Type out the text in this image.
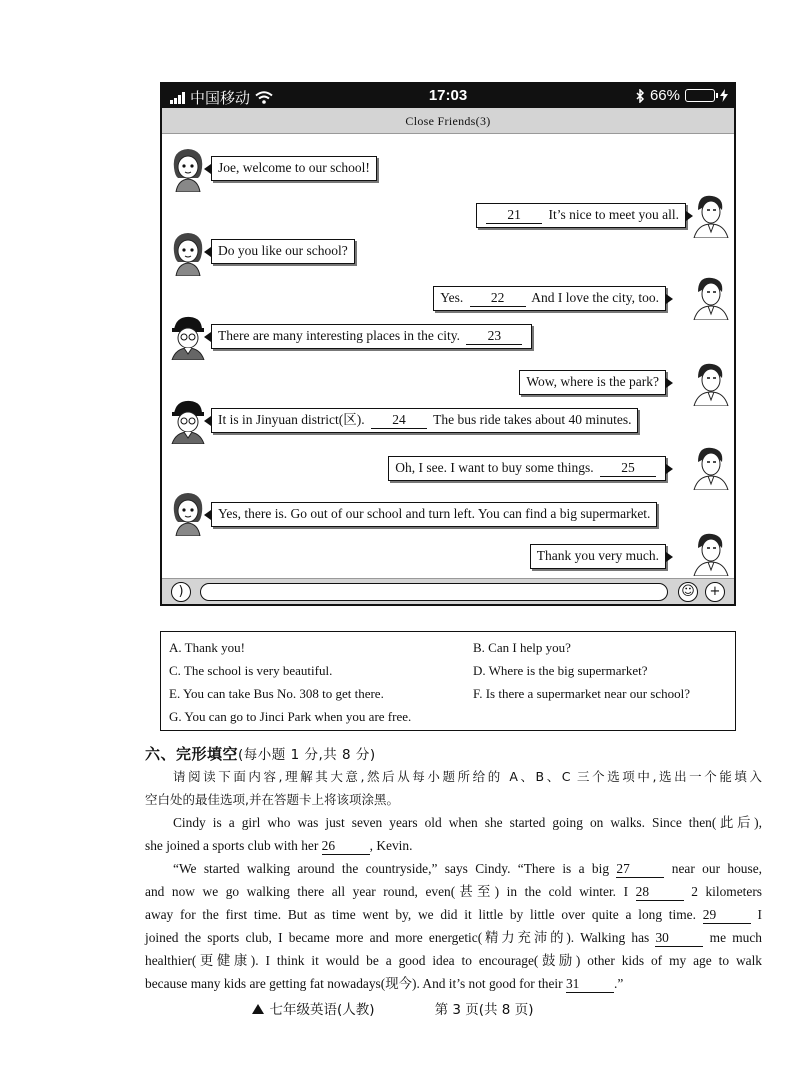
中国移动	17:03	66%
Close Friends(3)
Joe, welcome to our school!
21 It’s nice to meet you all.
Do you like our school?
Yes. 22 And I love the city, too.
There are many interesting places in the city. 23
Wow, where is the park?
It is in Jinyuan district(区). 24 The bus ride takes about 40 minutes.
Oh, I see. I want to buy some things. 25
Yes, there is. Go out of our school and turn left. You can find a big supermarket.
Thank you very much.
)	☺	+
A. Thank you!	B. Can I help you?
C. The school is very beautiful.	D. Where is the big supermarket?
E. You can take Bus No. 308 to get there.	F. Is there a supermarket near our school?
G. You can go to Jinci Park when you are free.
六、完形填空(每小题 1 分,共 8 分)
请阅读下面内容,理解其大意,然后从每小题所给的 A、B、C 三个选项中,选出一个能填入
空白处的最佳选项,并在答题卡上将该项涂黑。
Cindy is a girl who was just seven years old when she started going on walks. Since then(此后),
she joined a sports club with her 26	, Kevin.
“We started walking around the countryside,” says Cindy. “There is a big 27	near our house,
and now we go walking there all year round, even(甚至) in the cold winter. I 28	2 kilometers
away for the first time. But as time went by, we did it little by little over quite a long time. 29	I
joined the sports club, I became more and more energetic(精力充沛的). Walking has 30	me much
healthier(更健康). I think it would be a good idea to encourage(鼓励) other kids of my age to walk
because many kids are getting fat nowadays(现今). And it’s not good for their 31	.”
七年级英语(人教)	第 3 页(共 8 页)
